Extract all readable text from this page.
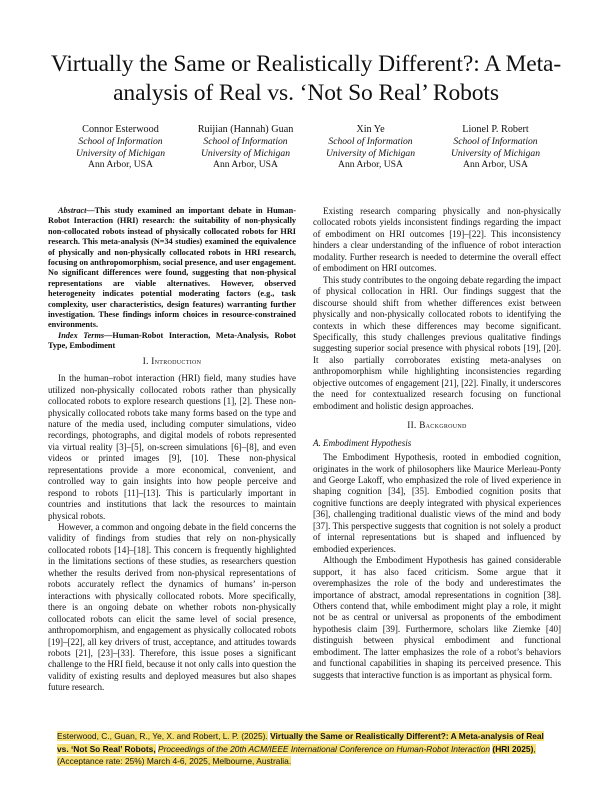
Virtually the Same or Realistically Different?: A Meta-analysis of Real vs. ‘Not So Real’ Robots
Connor Esterwood
School of Information
University of Michigan
Ann Arbor, USA
Ruijian (Hannah) Guan
School of Information
University of Michigan
Ann Arbor, USA
Xin Ye
School of Information
University of Michigan
Ann Arbor, USA
Lionel P. Robert
School of Information
University of Michigan
Ann Arbor, USA

Abstract—This study examined an important debate in Human-Robot Interaction (HRI) research: the suitability of non-physically non-collocated robots instead of physically collocated robots for HRI research. This meta-analysis (N=34 studies) examined the equivalence of physically and non-physically collocated robots in HRI research, focusing on anthropomorphism, social presence, and user engagement. No significant differences were found, suggesting that non-physical representations are viable alternatives. However, observed heterogeneity indicates potential moderating factors (e.g., task complexity, user characteristics, design features) warranting further investigation. These findings inform choices in resource-constrained environments.

Index Terms—Human-Robot Interaction, Meta-Analysis, Robot Type, Embodiment

I. Introduction

In the human–robot interaction (HRI) field, many studies have utilized non-physically collocated robots rather than physically collocated robots to explore research questions [1], [2]. These non-physically collocated robots take many forms based on the type and nature of the media used, including computer simulations, video recordings, photographs, and digital models of robots represented via virtual reality [3]–[5], on-screen simulations [6]–[8], and even videos or printed images [9], [10]. These non-physical representations provide a more economical, convenient, and controlled way to gain insights into how people perceive and respond to robots [11]–[13]. This is particularly important in countries and institutions that lack the resources to maintain physical robots.

However, a common and ongoing debate in the field concerns the validity of findings from studies that rely on non-physically collocated robots [14]–[18]. This concern is frequently highlighted in the limitations sections of these studies, as researchers question whether the results derived from non-physical representations of robots accurately reflect the dynamics of humans’ in-person interactions with physically collocated robots. More specifically, there is an ongoing debate on whether robots non-physically collocated robots can elicit the same level of social presence, anthropomorphism, and engagement as physically collocated robots [19]–[22], all key drivers of trust, acceptance, and attitudes towards robots [21], [23]–[33]. Therefore, this issue poses a significant challenge to the HRI field, because it not only calls into question the validity of existing results and deployed measures but also shapes future research.

Existing research comparing physically and non-physically collocated robots yields inconsistent findings regarding the impact of embodiment on HRI outcomes [19]–[22]. This inconsistency hinders a clear understanding of the influence of robot interaction modality. Further research is needed to determine the overall effect of embodiment on HRI outcomes.

This study contributes to the ongoing debate regarding the impact of physical collocation in HRI. Our findings suggest that the discourse should shift from whether differences exist between physically and non-physically collocated robots to identifying the contexts in which these differences may become significant. Specifically, this study challenges previous qualitative findings suggesting superior social presence with physical robots [19], [20]. It also partially corroborates existing meta-analyses on anthropomorphism while highlighting inconsistencies regarding objective outcomes of engagement [21], [22]. Finally, it underscores the need for contextualized research focusing on functional embodiment and holistic design approaches.

II. Background
A. Embodiment Hypothesis

The Embodiment Hypothesis, rooted in embodied cognition, originates in the work of philosophers like Maurice Merleau-Ponty and George Lakoff, who emphasized the role of lived experience in shaping cognition [34], [35]. Embodied cognition posits that cognitive functions are deeply integrated with physical experiences [36], challenging traditional dualistic views of the mind and body [37]. This perspective suggests that cognition is not solely a product of internal representations but is shaped and influenced by embodied experiences.

Although the Embodiment Hypothesis has gained considerable support, it has also faced criticism. Some argue that it overemphasizes the role of the body and underestimates the importance of abstract, amodal representations in cognition [38]. Others contend that, while embodiment might play a role, it might not be as central or universal as proponents of the embodiment hypothesis claim [39]. Furthermore, scholars like Ziemke [40] distinguish between physical embodiment and functional embodiment. The latter emphasizes the role of a robot’s behaviors and functional capabilities in shaping its perceived presence. This suggests that interactive function is as important as physical form.

Esterwood, C., Guan, R., Ye, X. and Robert, L. P. (2025). Virtually the Same or Realistically Different?: A Meta-analysis of Real vs. ‘Not So Real’ Robots, Proceedings of the 20th ACM/IEEE International Conference on Human-Robot Interaction (HRI 2025), (Acceptance rate: 25%) March 4-6, 2025, Melbourne, Australia.
